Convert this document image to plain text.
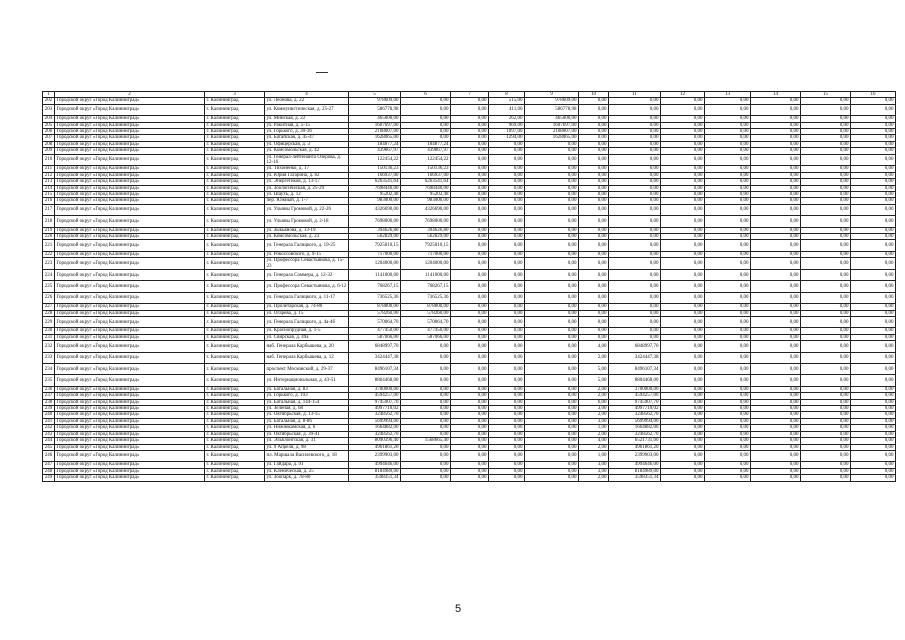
1	2	3	4	5	6	7	8	9	10	11	12	13	14	15	16
202	Городской округ «Город Калининград»	г. Калининград	ул. Леонова, д. 22	978609,00	0,00	0,00	515,00	978609,00	0,00	0,00	0,00	0,00	0,00	0,00	0,00
203	Городской округ «Город Калининград»	г. Калининград	ул. Коммунистическая, д. 25-27	586778,98	0,00	0,00	411,00	586778,98	0,00	0,00	0,00	0,00	0,00	0,00	0,00
204	Городской округ «Город Калининград»	г. Калининград	ул. Минская, д. 22	465000,00	0,00	0,00	262,00	465000,00	0,00	0,00	0,00	0,00	0,00	0,00	0,00
205	Городской округ «Город Калининград»	г. Калининград	ул. Ракитная, д. 5-15	1607697,00	0,00	0,00	969,00	1607697,00	0,00	0,00	0,00	0,00	0,00	0,00	0,00
206	Городской округ «Город Калининград»	г. Калининград	ул. Горького, д. 30-36	2108007,00	0,00	0,00	1097,00	2108007,00	0,00	0,00	0,00	0,00	0,00	0,00	0,00
207	Городской округ «Город Калининград»	г. Калининград	ул. Батайская, д. 45-47	1628065,00	0,00	0,00	1294,00	1628065,00	0,00	0,00	0,00	0,00	0,00	0,00	0,00
208	Городской округ «Город Калининград»	г. Калининград	ул. Офицерская, д. 3	184877,24	184877,24	0,00	0,00	0,00	0,00	0,00	0,00	0,00	0,00	0,00	0,00
209	Городской округ «Город Калининград»	г. Калининград	ул. Комсомольская, д. 42	439867,97	439867,97	0,00	0,00	0,00	0,00	0,00	0,00	0,00	0,00	0,00	0,00
210	Городской округ «Город Калининград»	г. Калининград	ул. Генерал-лейтенанта Озерова, д. 12-16	122454,22	122454,22	0,00	0,00	0,00	0,00	0,00	0,00	0,00	0,00	0,00	0,00
211	Городской округ «Город Калининград»	г. Калининград	ул. Тихоненко, д. 17	150136,23	150136,23	0,00	0,00	0,00	0,00	0,00	0,00	0,00	0,00	0,00	0,00
212	Городской округ «Город Калининград»	г. Калининград	ул. Юрия Гагарина, д. 82	166937,00	166937,00	0,00	0,00	0,00	0,00	0,00	0,00	0,00	0,00	0,00	0,00
213	Городской округ «Город Калининград»	г. Калининград	ул. Энергетиков, д. 13-17	6263541,64	6263541,64	0,00	0,00	0,00	0,00	0,00	0,00	0,00	0,00	0,00	0,00
214	Городской округ «Город Калининград»	г. Калининград	ул. Зоологическая, д. 25-29	7698440,00	7698440,00	0,00	0,00	0,00	0,00	0,00	0,00	0,00	0,00	0,00	0,00
215	Городской округ «Город Калининград»	г. Калининград	ул. Шаухъ, д. 12	95202,48	95202,48	0,00	0,00	0,00	0,00	0,00	0,00	0,00	0,00	0,00	0,00
216	Городской округ «Город Калининград»	г. Калининград	пер. Южный, д. 1-7	983000,00	983000,00	0,00	0,00	0,00	0,00	0,00	0,00	0,00	0,00	0,00	0,00
217	Городской округ «Город Калининград»	г. Калининград	ул. Ульяны Громовой, д. 22-26	4326690,00	4326690,00	0,00	0,00	0,00	0,00	0,00	0,00	0,00	0,00	0,00	0,00
218	Городской округ «Город Калининград»	г. Калининград	ул. Ульяны Громовой, д. 2-18	7698000,00	7698000,00	0,00	0,00	0,00	0,00	0,00	0,00	0,00	0,00	0,00	0,00
219	Городской округ «Город Калининград»	г. Калининград	ул. Зыкьянова, д. 13-19	394626,80	394626,80	0,00	0,00	0,00	0,00	0,00	0,00	0,00	0,00	0,00	0,00
220	Городской округ «Город Калининград»	г. Калининград	ул. Комсомольская, д. 23	562829,00	562829,00	0,00	0,00	0,00	0,00	0,00	0,00	0,00	0,00	0,00	0,00
221	Городской округ «Город Калининград»	г. Калининград	ул. Генерала Галицкого, д. 19-25	7925010,15	7925010,15	0,00	0,00	0,00	0,00	0,00	0,00	0,00	0,00	0,00	0,00
222	Городской округ «Город Калининград»	г. Калининград	ул. Рокоссовского, д. 9-15	717000,00	717000,00	0,00	0,00	0,00	0,00	0,00	0,00	0,00	0,00	0,00	0,00
223	Городской округ «Город Калининград»	г. Калининград	ул. Профессора Севастьянова, д. 15-23	1204000,00	1204000,00	0,00	0,00	0,00	0,00	0,00	0,00	0,00	0,00	0,00	0,00
224	Городской округ «Город Калининград»	г. Калининград	ул. Генерала Соммера, д. 12-32	1141000,00	1141000,00	0,00	0,00	0,00	0,00	0,00	0,00	0,00	0,00	0,00	0,00
225	Городской округ «Город Калининград»	г. Калининград	ул. Профессора Севастьянова, д. 6-12	768267,15	768267,15	0,00	0,00	0,00	0,00	0,00	0,00	0,00	0,00	0,00	0,00
226	Городской округ «Город Калининград»	г. Калининград	ул. Генерала Галицкого, д. 11-17	736525,36	736525,36	0,00	0,00	0,00	0,00	0,00	0,00	0,00	0,00	0,00	0,00
227	Городской округ «Город Калининград»	г. Калининград	ул. Пролетарская, д. 74-80	878800,00	878800,00	0,00	0,00	0,00	0,00	0,00	0,00	0,00	0,00	0,00	0,00
228	Городской округ «Город Калининград»	г. Калининград	ул. Огарева, д. 15	578260,00	578260,00	0,00	0,00	0,00	0,00	0,00	0,00	0,00	0,00	0,00	0,00
229	Городской округ «Город Калининград»	г. Калининград	ул. Генерала Галицкого, д. 4а-4б	570064,70	570064,70	0,00	0,00	0,00	0,00	0,00	0,00	0,00	0,00	0,00	0,00
230	Городской округ «Город Калининград»	г. Калининград	ул. Краснопрудная, д. 1-5	477450,00	477450,00	0,00	0,00	0,00	0,00	0,00	0,00	0,00	0,00	0,00	0,00
231	Городской округ «Город Калининград»	г. Калининград	ул. Свирская, д. 49а	587066,00	587066,00	0,00	0,00	0,00	0,00	0,00	0,00	0,00	0,00	0,00	0,00
232	Городской округ «Город Калининград»	г. Калининград	наб. Генерала Карбышева, д. 20	6848997,70	0,00	0,00	0,00	0,00	4,00	6848997,70	0,00	0,00	0,00	0,00	0,00
233	Городской округ «Город Калининград»	г. Калининград	наб. Генерала Карбышева, д. 12	3424447,38	0,00	0,00	0,00	0,00	2,00	3424447,38	0,00	0,00	0,00	0,00	0,00
234	Городской округ «Город Калининград»	г. Калининград	проспект Московский, д. 29-37	8496107,34	0,00	0,00	0,00	0,00	5,00	8496107,34	0,00	0,00	0,00	0,00	0,00
235	Городской округ «Город Калининград»	г. Калининград	ул. Интернациональная, д. 43-51	8804468,00	0,00	0,00	0,00	0,00	5,00	8804468,00	0,00	0,00	0,00	0,00	0,00
236	Городской округ «Город Калининград»	г. Калининград	ул. Батальная, д. 83	3700000,00	0,00	0,00	0,00	0,00	2,00	3700000,00	0,00	0,00	0,00	0,00	0,00
237	Городской округ «Город Калининград»	г. Калининград	ул. Горького, д. 193	4594257,00	0,00	0,00	0,00	0,00	2,00	4594257,00	0,00	0,00	0,00	0,00	0,00
238	Городской округ «Город Калининград»	г. Калининград	ул. Батальная, д. 144-154	9745907,70	0,00	0,00	0,00	0,00	6,00	9745907,70	0,00	0,00	0,00	0,00	0,00
239	Городской округ «Город Калининград»	г. Калининград	ул. Зелёная, д. 68	4997710,02	0,00	0,00	0,00	0,00	3,00	4997710,02	0,00	0,00	0,00	0,00	0,00
240	Городской округ «Город Калининград»	г. Калининград	ул. Октябрьская, д. 13-15	3248562,70	0,00	0,00	0,00	0,00	2,00	3248562,70	0,00	0,00	0,00	0,00	0,00
241	Городской округ «Город Калининград»	г. Калининград	ул. Батальная, д. 8-86	5699994,00	0,00	0,00	0,00	0,00	3,00	5699994,00	0,00	0,00	0,00	0,00	0,00
242	Городской округ «Город Калининград»	г. Калининград	ул. Нижнекамская, д. 6	1664882,00	0,00	0,00	0,00	0,00	1,00	1664882,00	0,00	0,00	0,00	0,00	0,00
243	Городской округ «Город Калининград»	г. Калининград	ул. Октябрьская, д. 39-41	3248562,70	0,00	0,00	0,00	0,00	2,00	3248562,70	0,00	0,00	0,00	0,00	0,00
244	Городской округ «Город Калининград»	г. Калининград	ул. Эльблонгская, д. 31	8090396,40	1568665,40	0,00	0,00	0,00	4,00	6521731,00	0,00	0,00	0,00	0,00	0,00
245	Городской округ «Город Калининград»	г. Калининград	ул. 9 Апреля, д. 98	4961861,20	0,00	0,00	0,00	0,00	2,00	4961861,20	0,00	0,00	0,00	0,00	0,00
246	Городской округ «Город Калининград»	г. Калининград	пл. Маршала Василевского, д. 18	2399903,00	0,00	0,00	0,00	0,00	1,00	2399903,00	0,00	0,00	0,00	0,00	0,00
247	Городской округ «Город Калининград»	г. Калининград	ул. Гайдара, д. 91	4994646,00	0,00	0,00	0,00	0,00	3,00	4994646,00	0,00	0,00	0,00	0,00	0,00
248	Городской округ «Город Калининград»	г. Калининград	ул. Кленическая, д. 25	8184989,00	0,00	0,00	0,00	0,00	3,00	8184989,00	0,00	0,00	0,00	0,00	0,00
249	Городской округ «Город Калининград»	г. Калининград	ул. Зоопарк, д. 78-80	3598351,34	0,00	0,00	0,00	0,00	2,00	3598351,34	0,00	0,00	0,00	0,00	0,00
5
